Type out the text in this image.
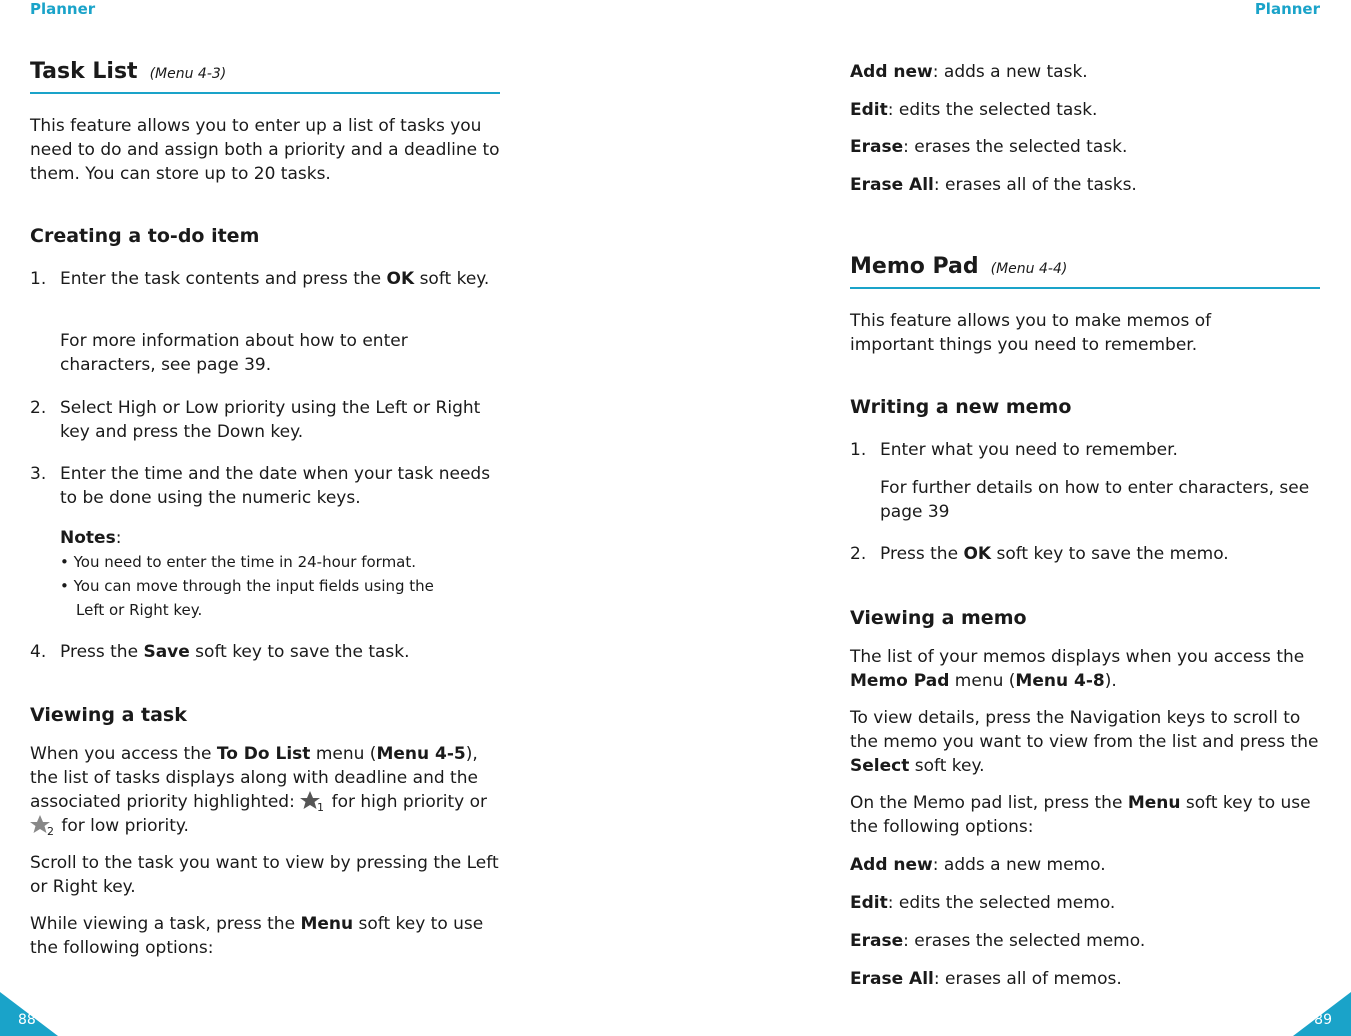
Planner	Planner
Task List (Menu 4-3)

This feature allows you to enter up a list of tasks you need to do and assign both a priority and a deadline to them. You can store up to 20 tasks.

Creating a to-do item
1. Enter the task contents and press the OK soft key.

For more information about how to enter characters, see page 39.

2. Select High or Low priority using the Left or Right key and press the Down key.
3. Enter the time and the date when your task needs to be done using the numeric keys.
Notes:
• You need to enter the time in 24-hour format.
• You can move through the input fields using the
Left or Right key.
4. Press the Save soft key to save the task.
Viewing a task

When you access the To Do List menu (Menu 4-5), the list of tasks displays along with deadline and the associated priority highlighted: 1 for high priority or
2 for low priority.

Scroll to the task you want to view by pressing the Left or Right key.

While viewing a task, press the Menu soft key to use the following options:

Add new: adds a new task.

Edit: edits the selected task.

Erase: erases the selected task.

Erase All: erases all of the tasks.

Memo Pad (Menu 4-4)

This feature allows you to make memos of important things you need to remember.

Writing a new memo
1. Enter what you need to remember.

For further details on how to enter characters, see page 39

2. Press the OK soft key to save the memo.
Viewing a memo

The list of your memos displays when you access the Memo Pad menu (Menu 4-8).

To view details, press the Navigation keys to scroll to the memo you want to view from the list and press the Select soft key.

On the Memo pad list, press the Menu soft key to use the following options:

Add new: adds a new memo.

Edit: edits the selected memo.

Erase: erases the selected memo.

Erase All: erases all of memos.

88	89
